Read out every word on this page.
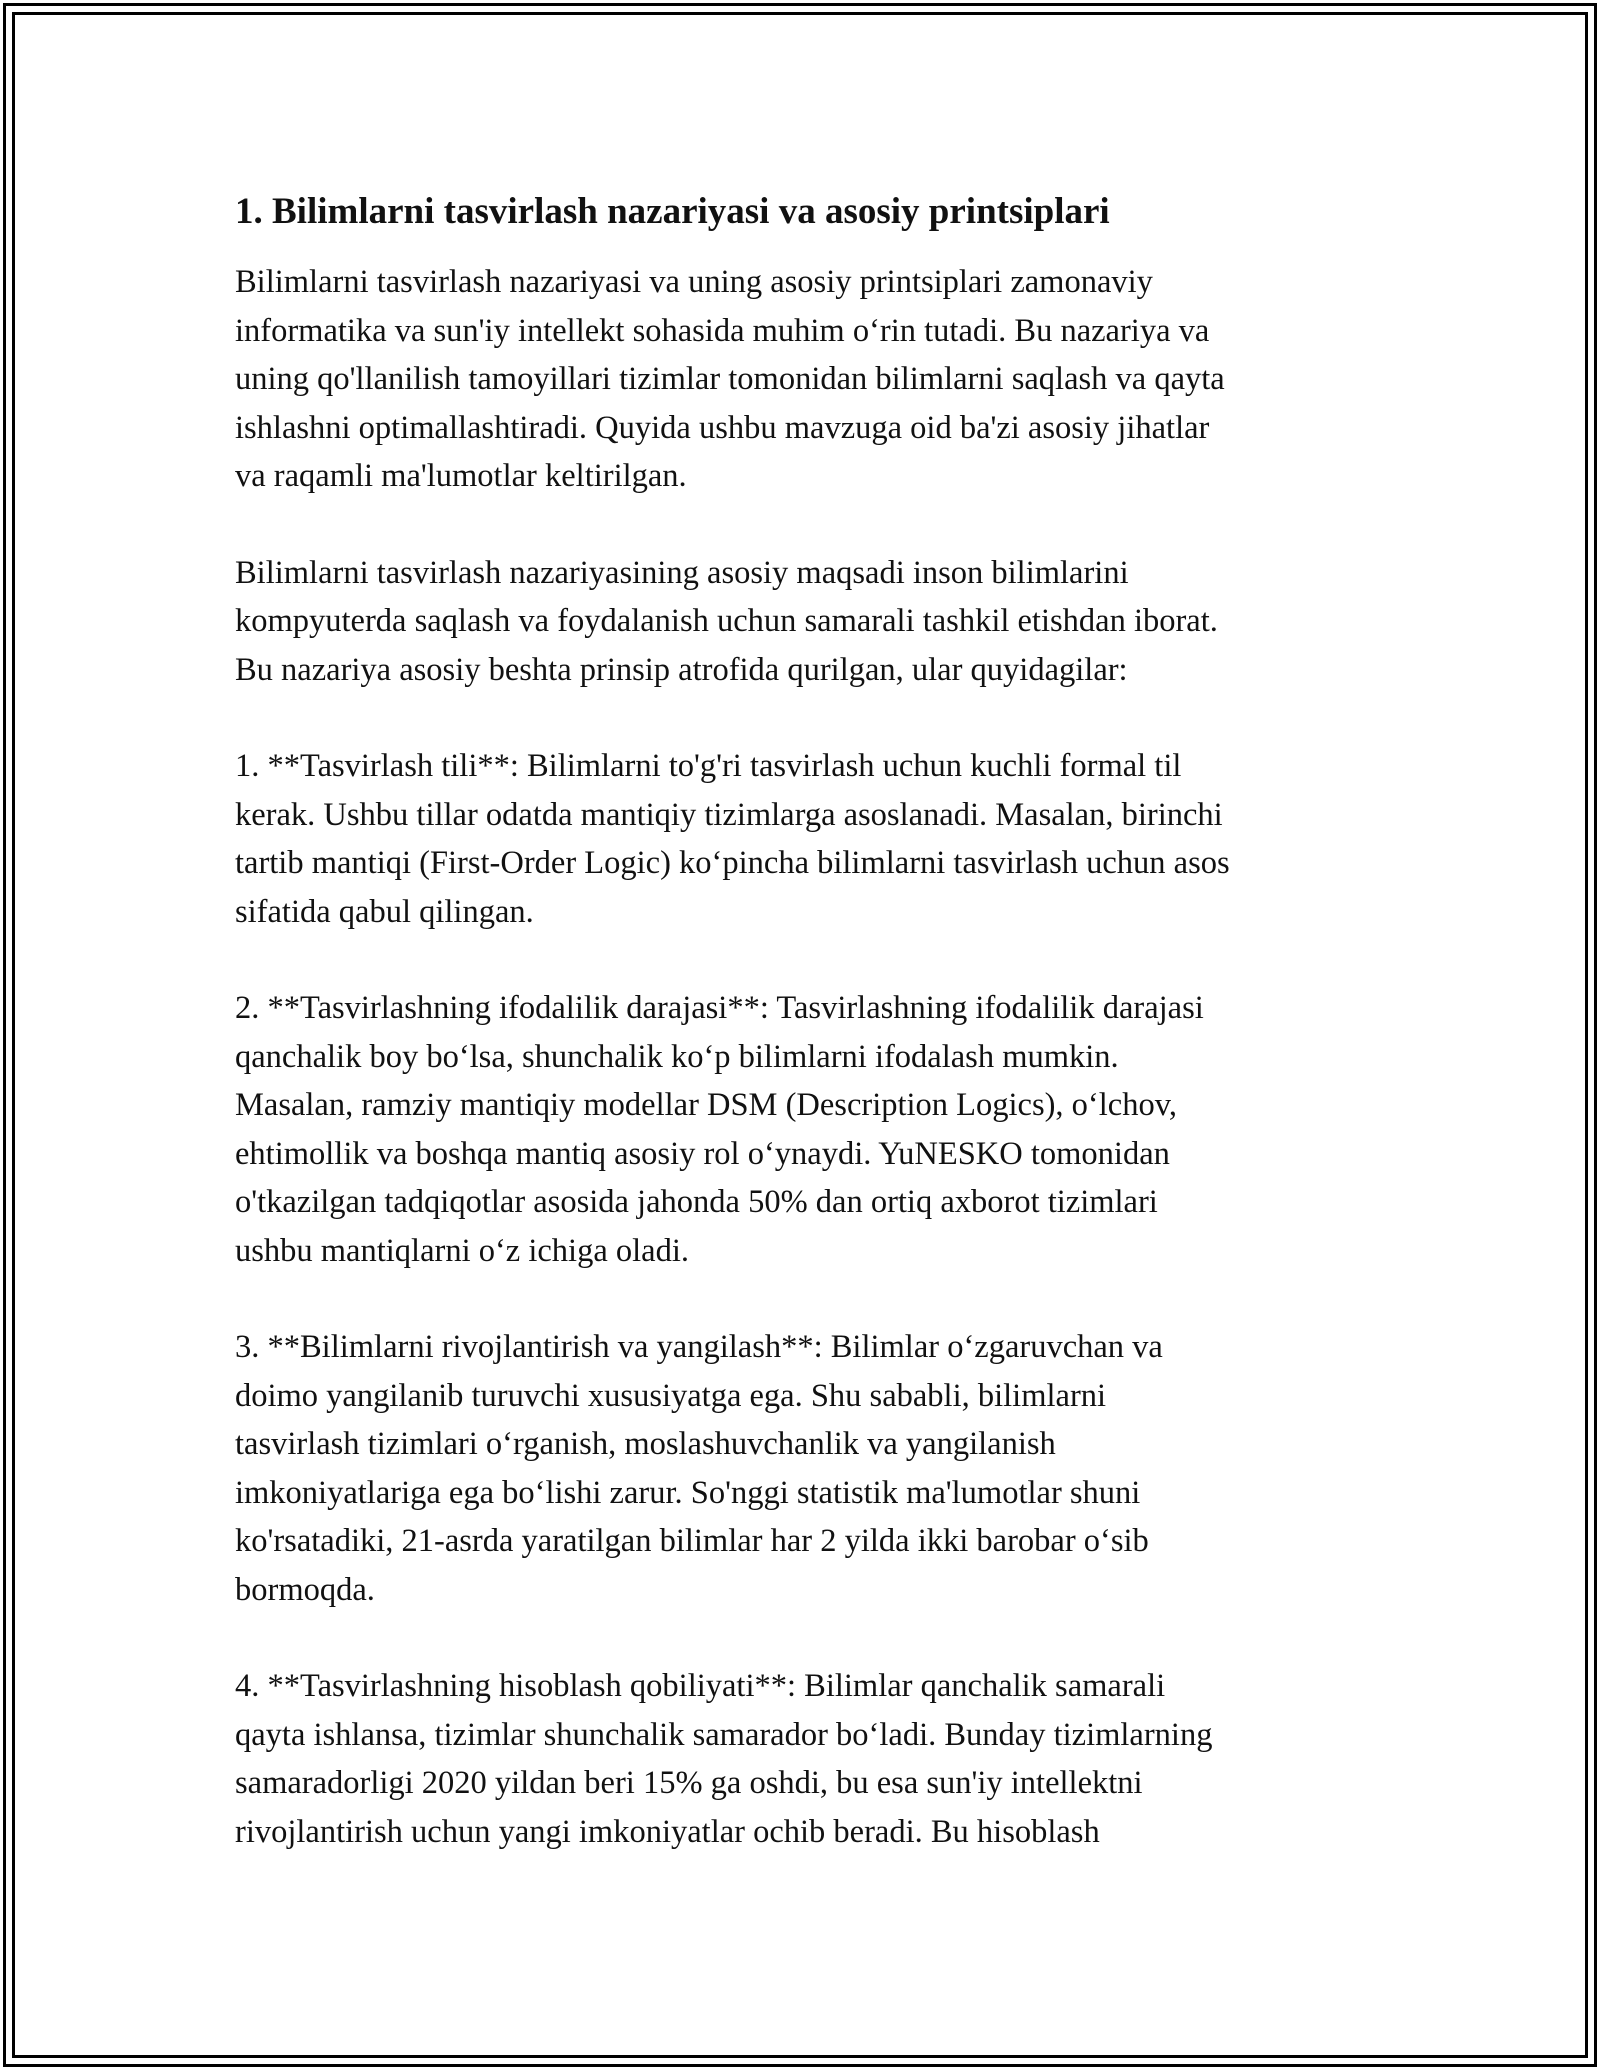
1. Bilimlarni tasvirlash nazariyasi va asosiy printsiplari
Bilimlarni tasvirlash nazariyasi va uning asosiy printsiplari zamonaviy
informatika va sun'iy intellekt sohasida muhim oʻrin tutadi. Bu nazariya va
uning qo'llanilish tamoyillari tizimlar tomonidan bilimlarni saqlash va qayta
ishlashni optimallashtiradi. Quyida ushbu mavzuga oid ba'zi asosiy jihatlar
va raqamli ma'lumotlar keltirilgan.
Bilimlarni tasvirlash nazariyasining asosiy maqsadi inson bilimlarini
kompyuterda saqlash va foydalanish uchun samarali tashkil etishdan iborat.
Bu nazariya asosiy beshta prinsip atrofida qurilgan, ular quyidagilar:
1. **Tasvirlash tili**: Bilimlarni to'g'ri tasvirlash uchun kuchli formal til
kerak. Ushbu tillar odatda mantiqiy tizimlarga asoslanadi. Masalan, birinchi
tartib mantiqi (First-Order Logic) koʻpincha bilimlarni tasvirlash uchun asos
sifatida qabul qilingan.
2. **Tasvirlashning ifodalilik darajasi**: Tasvirlashning ifodalilik darajasi
qanchalik boy boʻlsa, shunchalik koʻp bilimlarni ifodalash mumkin.
Masalan, ramziy mantiqiy modellar DSM (Description Logics), oʻlchov,
ehtimollik va boshqa mantiq asosiy rol oʻynaydi. YuNESKO tomonidan
o'tkazilgan tadqiqotlar asosida jahonda 50% dan ortiq axborot tizimlari
ushbu mantiqlarni oʻz ichiga oladi.
3. **Bilimlarni rivojlantirish va yangilash**: Bilimlar oʻzgaruvchan va
doimo yangilanib turuvchi xususiyatga ega. Shu sababli, bilimlarni
tasvirlash tizimlari oʻrganish, moslashuvchanlik va yangilanish
imkoniyatlariga ega boʻlishi zarur. So'nggi statistik ma'lumotlar shuni
ko'rsatadiki, 21-asrda yaratilgan bilimlar har 2 yilda ikki barobar oʻsib
bormoqda.
4. **Tasvirlashning hisoblash qobiliyati**: Bilimlar qanchalik samarali
qayta ishlansa, tizimlar shunchalik samarador boʻladi. Bunday tizimlarning
samaradorligi 2020 yildan beri 15% ga oshdi, bu esa sun'iy intellektni
rivojlantirish uchun yangi imkoniyatlar ochib beradi. Bu hisoblash
